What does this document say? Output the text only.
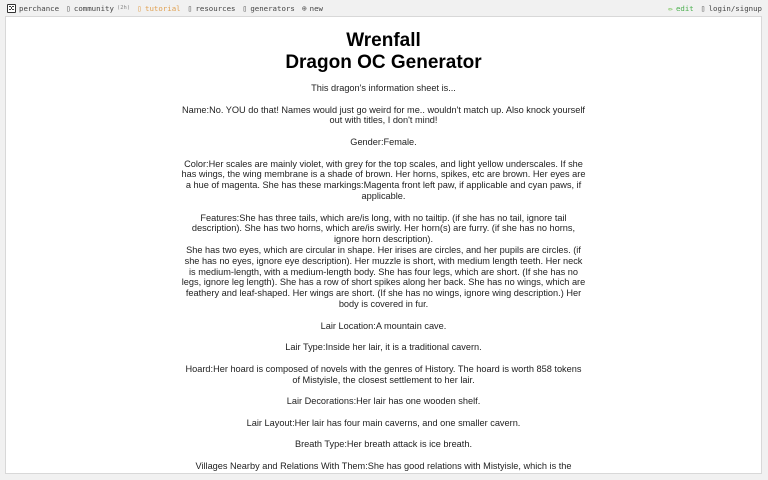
perchance ▯ community (2h) ▯ tutorial ▯ resources ▯ generators ⊕ new	✏ edit ▯ login/signup
Wrenfall
Dragon OC Generator

This dragon's information sheet is...

Name:No. YOU do that! Names would just go weird for me.. wouldn't match up. Also knock yourself out with titles, I don't mind!

Gender:Female.

Color:Her scales are mainly violet, with grey for the top scales, and light yellow underscales. If she has wings, the wing membrane is a shade of brown. Her horns, spikes, etc are brown. Her eyes are a hue of magenta. She has these markings:Magenta front left paw, if applicable and cyan paws, if applicable.

Features:She has three tails, which are/is long, with no tailtip. (if she has no tail, ignore tail description). She has two horns, which are/is swirly. Her horn(s) are furry. (if she has no horns, ignore horn description).

She has two eyes, which are circular in shape. Her irises are circles, and her pupils are circles. (if she has no eyes, ignore eye description). Her muzzle is short, with medium length teeth. Her neck is medium-length, with a medium-length body. She has four legs, which are short. (If she has no legs, ignore leg length). She has a row of short spikes along her back. She has no wings, which are feathery and leaf-shaped. Her wings are short. (If she has no wings, ignore wing description.) Her body is covered in fur.

Lair Location:A mountain cave.

Lair Type:Inside her lair, it is a traditional cavern.

Hoard:Her hoard is composed of novels with the genres of History. The hoard is worth 858 tokens of Mistyisle, the closest settlement to her lair.

Lair Decorations:Her lair has one wooden shelf.

Lair Layout:Her lair has four main caverns, and one smaller cavern.

Breath Type:Her breath attack is ice breath.

Villages Nearby and Relations With Them:She has good relations with Mistyisle, which is the
